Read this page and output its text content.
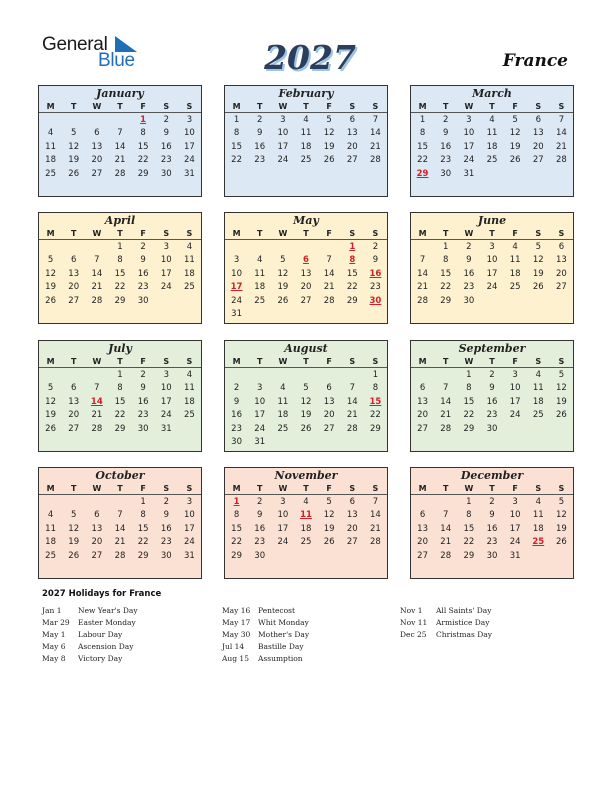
General
Blue	2027	France
January
M	T	W	T	F	S	S
				1	2	3
4	5	6	7	8	9	10
11	12	13	14	15	16	17
18	19	20	21	22	23	24
25	26	27	28	29	30	31
February
M	T	W	T	F	S	S
1	2	3	4	5	6	7
8	9	10	11	12	13	14
15	16	17	18	19	20	21
22	23	24	25	26	27	28
March
M	T	W	T	F	S	S
1	2	3	4	5	6	7
8	9	10	11	12	13	14
15	16	17	18	19	20	21
22	23	24	25	26	27	28
29	30	31				
April
M	T	W	T	F	S	S
			1	2	3	4
5	6	7	8	9	10	11
12	13	14	15	16	17	18
19	20	21	22	23	24	25
26	27	28	29	30		
May
M	T	W	T	F	S	S
					1	2
3	4	5	6	7	8	9
10	11	12	13	14	15	16
17	18	19	20	21	22	23
24	25	26	27	28	29	30
31						
June
M	T	W	T	F	S	S
	1	2	3	4	5	6
7	8	9	10	11	12	13
14	15	16	17	18	19	20
21	22	23	24	25	26	27
28	29	30				
July
M	T	W	T	F	S	S
			1	2	3	4
5	6	7	8	9	10	11
12	13	14	15	16	17	18
19	20	21	22	23	24	25
26	27	28	29	30	31	
August
M	T	W	T	F	S	S
						1
2	3	4	5	6	7	8
9	10	11	12	13	14	15
16	17	18	19	20	21	22
23	24	25	26	27	28	29
30	31					
September
M	T	W	T	F	S	S
		1	2	3	4	5
6	7	8	9	10	11	12
13	14	15	16	17	18	19
20	21	22	23	24	25	26
27	28	29	30			
October
M	T	W	T	F	S	S
				1	2	3
4	5	6	7	8	9	10
11	12	13	14	15	16	17
18	19	20	21	22	23	24
25	26	27	28	29	30	31
November
M	T	W	T	F	S	S
1	2	3	4	5	6	7
8	9	10	11	12	13	14
15	16	17	18	19	20	21
22	23	24	25	26	27	28
29	30					
December
M	T	W	T	F	S	S
		1	2	3	4	5
6	7	8	9	10	11	12
13	14	15	16	17	18	19
20	21	22	23	24	25	26
27	28	29	30	31		
2027 Holidays for France
Jan 1 New Year's Day
Mar 29 Easter Monday
May 1 Labour Day
May 6 Ascension Day
May 8 Victory Day
May 16 Pentecost
May 17 Whit Monday
May 30 Mother's Day
Jul 14 Bastille Day
Aug 15 Assumption
Nov 1 All Saints' Day
Nov 11 Armistice Day
Dec 25 Christmas Day
